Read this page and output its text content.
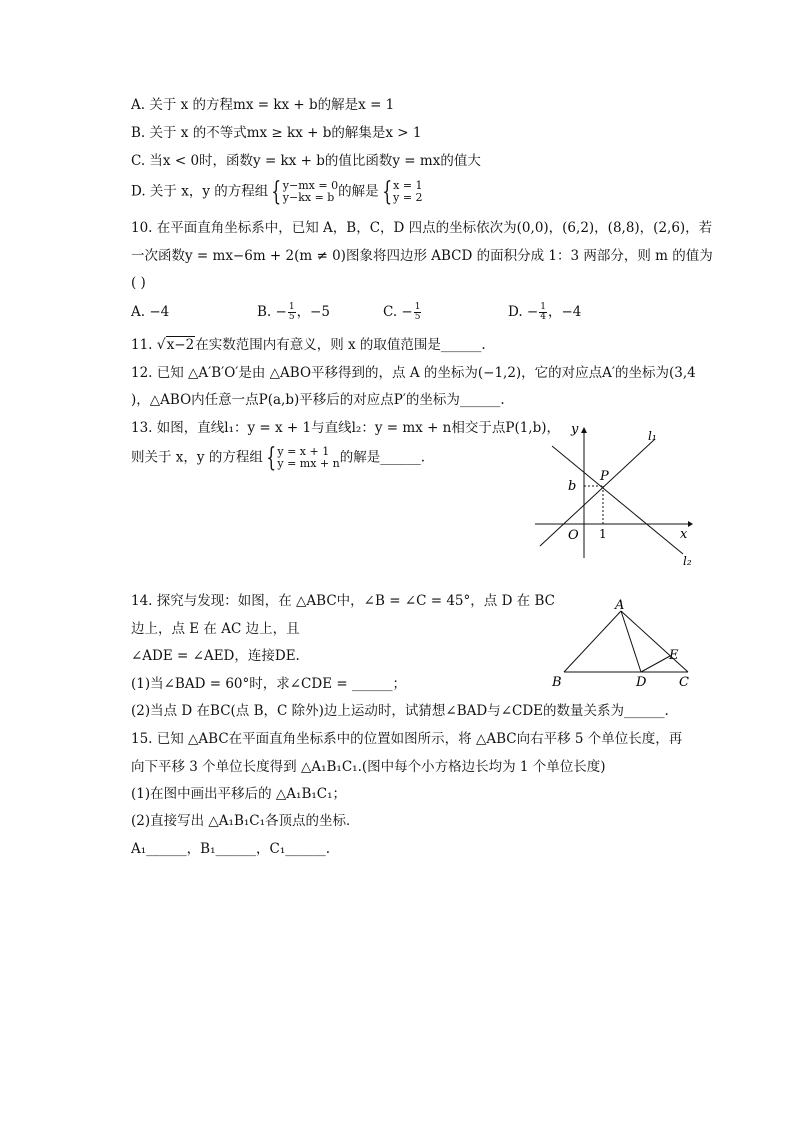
A. 关于 x 的方程mx = kx + b的解是x = 1
B. 关于 x 的不等式mx ≥ kx + b的解集是x > 1
C. 当x < 0时，函数y = kx + b的值比函数y = mx的值大
D. 关于 x，y 的方程组 { y−mx = 0
y−kx = b 的解是 { x = 1
y = 2
10. 在平面直角坐标系中，已知 A，B，C，D 四点的坐标依次为(0,0)，(6,2)，(8,8)，(2,6)，若
一次函数y = mx−6m + 2(m ≠ 0)图象将四边形 ABCD 的面积分成 1：3 两部分，则 m 的值为
( )
A. −4	B. − $\frac{1}{5}$ ，−5	C. − $\frac{1}{5}$	D. − $\frac{1}{4}$ ，−4
11. √x−2在实数范围内有意义，则 x 的取值范围是______.
12. 已知 △A′B′O′是由 △ABO平移得到的，点 A 的坐标为(−1,2)，它的对应点A′的坐标为(3,4
)，△ABO内任意一点P(a,b)平移后的对应点P′的坐标为______.
13. 如图，直线l₁：y = x + 1与直线l₂：y = mx + n相交于点P(1,b)，
则关于 x，y 的方程组 { y = x + 1
y = mx + n 的解是______.
y
x
l₁
l₂
P
b
O 1
14. 探究与发现：如图，在 △ABC中，∠B = ∠C = 45°，点 D 在 BC
边上，点 E 在 AC 边上，且
∠ADE = ∠AED，连接DE.
(1)当∠BAD = 60°时，求∠CDE = ______；
(2)当点 D 在BC(点 B，C 除外)边上运动时，试猜想∠BAD与∠CDE的数量关系为______.
A
B	C
D
E
15. 已知 △ABC在平面直角坐标系中的位置如图所示，将 △ABC向右平移 5 个单位长度，再
向下平移 3 个单位长度得到 △A₁B₁C₁.(图中每个小方格边长均为 1 个单位长度)
(1)在图中画出平移后的 △A₁B₁C₁；
(2)直接写出 △A₁B₁C₁各顶点的坐标．
A₁______，B₁______，C₁______.
